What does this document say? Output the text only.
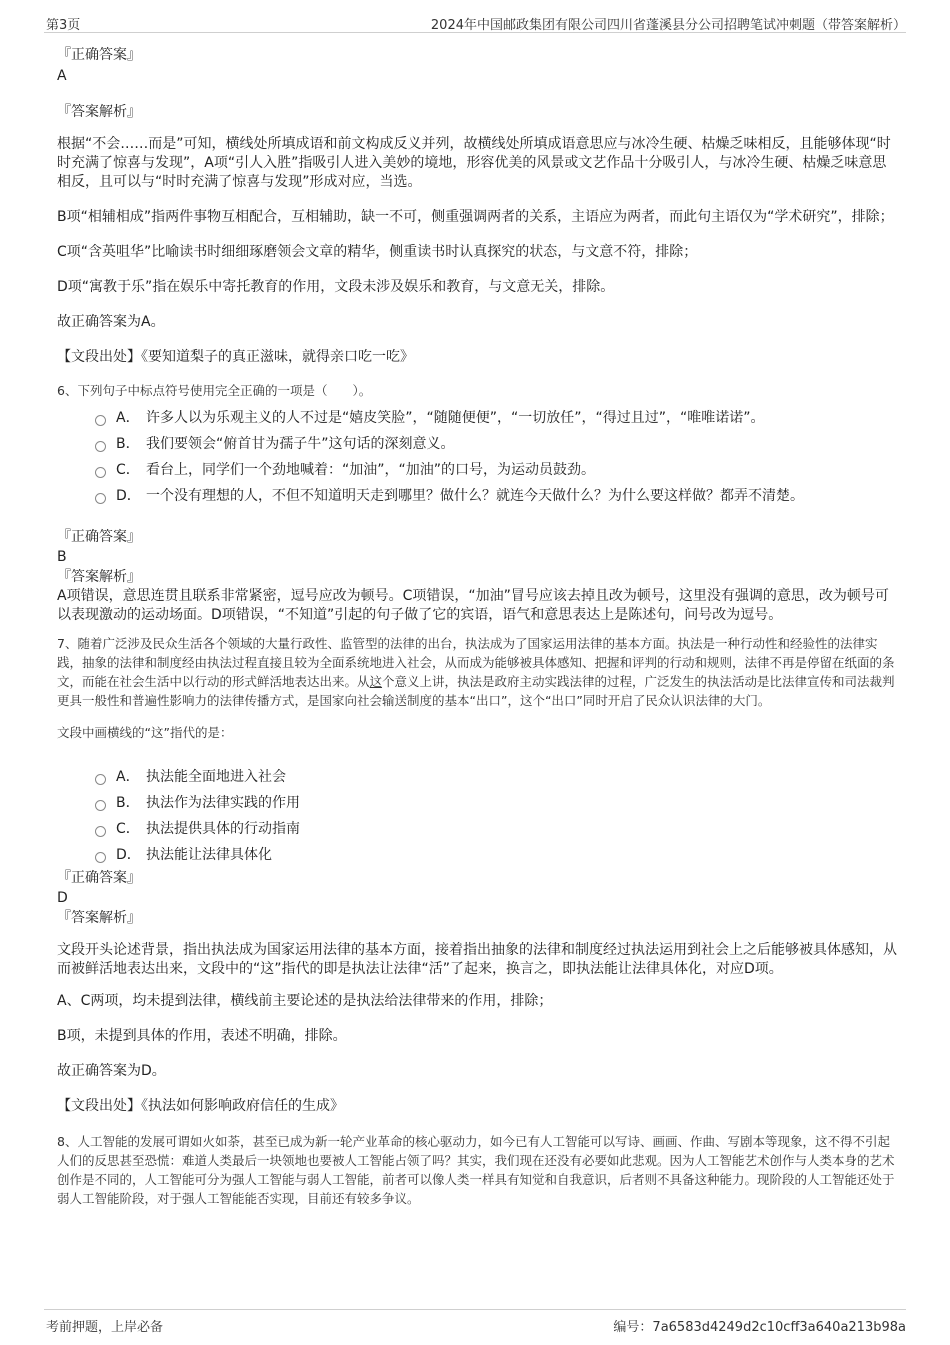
第3页	2024年中国邮政集团有限公司四川省蓬溪县分公司招聘笔试冲刺题（带答案解析）

『正确答案』

A

『答案解析』

根据“不会……而是”可知，横线处所填成语和前文构成反义并列，故横线处所填成语意思应与冰冷生硬、枯燥乏味相反，且能够体现“时时充满了惊喜与发现”，A项“引人入胜”指吸引人进入美妙的境地，形容优美的风景或文艺作品十分吸引人，与冰冷生硬、枯燥乏味意思相反，且可以与“时时充满了惊喜与发现”形成对应，当选。

B项“相辅相成”指两件事物互相配合，互相辅助，缺一不可，侧重强调两者的关系，主语应为两者，而此句主语仅为“学术研究”，排除；

C项“含英咀华”比喻读书时细细琢磨领会文章的精华，侧重读书时认真探究的状态，与文意不符，排除；

D项“寓教于乐”指在娱乐中寄托教育的作用，文段未涉及娱乐和教育，与文意无关，排除。

故正确答案为A。

【文段出处】《要知道梨子的真正滋味，就得亲口吃一吃》

6、下列句子中标点符号使用完全正确的一项是（　　）。

A． 许多人以为乐观主义的人不过是“嬉皮笑脸”，“随随便便”，“一切放任”，“得过且过”，“唯唯诺诺”。
B． 我们要领会“俯首甘为孺子牛”这句话的深刻意义。
C． 看台上，同学们一个劲地喊着：“加油”，“加油”的口号，为运动员鼓劲。
D． 一个没有理想的人，不但不知道明天走到哪里？做什么？就连今天做什么？为什么要这样做？都弄不清楚。

『正确答案』

B

『答案解析』

A项错误，意思连贯且联系非常紧密，逗号应改为顿号。C项错误，“加油”冒号应该去掉且改为顿号，这里没有强调的意思，改为顿号可以表现激动的运动场面。D项错误，“不知道”引起的句子做了它的宾语，语气和意思表达上是陈述句，问号改为逗号。

7、随着广泛涉及民众生活各个领域的大量行政性、监管型的法律的出台，执法成为了国家运用法律的基本方面。执法是一种行动性和经验性的法律实践，抽象的法律和制度经由执法过程直接且较为全面系统地进入社会，从而成为能够被具体感知、把握和评判的行动和规则，法律不再是停留在纸面的条文，而能在社会生活中以行动的形式鲜活地表达出来。从这个意义上讲，执法是政府主动实践法律的过程，广泛发生的执法活动是比法律宣传和司法裁判更具一般性和普遍性影响力的法律传播方式，是国家向社会输送制度的基本“出口”，这个“出口”同时开启了民众认识法律的大门。

文段中画横线的“这”指代的是：

A． 执法能全面地进入社会
B． 执法作为法律实践的作用
C． 执法提供具体的行动指南
D． 执法能让法律具体化

『正确答案』

D

『答案解析』

文段开头论述背景，指出执法成为国家运用法律的基本方面，接着指出抽象的法律和制度经过执法运用到社会上之后能够被具体感知，从而被鲜活地表达出来，文段中的“这”指代的即是执法让法律“活”了起来，换言之，即执法能让法律具体化，对应D项。

A、C两项，均未提到法律，横线前主要论述的是执法给法律带来的作用，排除；

B项，未提到具体的作用，表述不明确，排除。

故正确答案为D。

【文段出处】《执法如何影响政府信任的生成》

8、人工智能的发展可谓如火如荼，甚至已成为新一轮产业革命的核心驱动力，如今已有人工智能可以写诗、画画、作曲、写剧本等现象，这不得不引起人们的反思甚至恐慌：难道人类最后一块领地也要被人工智能占领了吗？其实，我们现在还没有必要如此悲观。因为人工智能艺术创作与人类本身的艺术创作是不同的，人工智能可分为强人工智能与弱人工智能，前者可以像人类一样具有知觉和自我意识，后者则不具备这种能力。现阶段的人工智能还处于弱人工智能阶段，对于强人工智能能否实现，目前还有较多争议。

考前押题，上岸必备	编号：7a6583d4249d2c10cff3a640a213b98a
